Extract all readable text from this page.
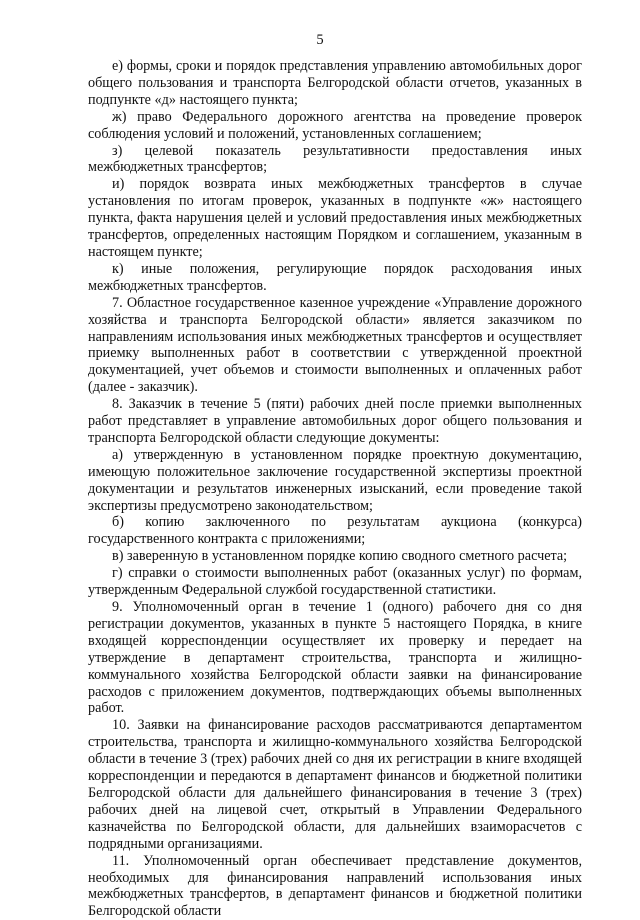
5

е) формы, сроки и порядок представления управлению автомобильных дорог общего пользования и транспорта Белгородской области отчетов, указанных в подпункте «д» настоящего пункта;

ж) право Федерального дорожного агентства на проведение проверок соблюдения условий и положений, установленных соглашением;

з) целевой показатель результативности предоставления иных межбюджетных трансфертов;

и) порядок возврата иных межбюджетных трансфертов в случае установления по итогам проверок, указанных в подпункте «ж» настоящего пункта, факта нарушения целей и условий предоставления иных межбюджетных трансфертов, определенных настоящим Порядком и соглашением, указанным в настоящем пункте;

к) иные положения, регулирующие порядок расходования иных межбюджетных трансфертов.

7. Областное государственное казенное учреждение «Управление дорожного хозяйства и транспорта Белгородской области» является заказчиком по направлениям использования иных межбюджетных трансфертов и осуществляет приемку выполненных работ в соответствии с утвержденной проектной документацией, учет объемов и стоимости выполненных и оплаченных работ (далее - заказчик).

8. Заказчик в течение 5 (пяти) рабочих дней после приемки выполненных работ представляет в управление автомобильных дорог общего пользования и транспорта Белгородской области следующие документы:

а) утвержденную в установленном порядке проектную документацию, имеющую положительное заключение государственной экспертизы проектной документации и результатов инженерных изысканий, если проведение такой экспертизы предусмотрено законодательством;

б) копию заключенного по результатам аукциона (конкурса) государственного контракта с приложениями;

в) заверенную в установленном порядке копию сводного сметного расчета;

г) справки о стоимости выполненных работ (оказанных услуг) по формам, утвержденным Федеральной службой государственной статистики.

9. Уполномоченный орган в течение 1 (одного) рабочего дня со дня регистрации документов, указанных в пункте 5 настоящего Порядка, в книге входящей корреспонденции осуществляет их проверку и передает на утверждение в департамент строительства, транспорта и жилищно-коммунального хозяйства Белгородской области заявки на финансирование расходов с приложением документов, подтверждающих объемы выполненных работ.

10. Заявки на финансирование расходов рассматриваются департаментом строительства, транспорта и жилищно-коммунального хозяйства Белгородской области в течение 3 (трех) рабочих дней со дня их регистрации в книге входящей корреспонденции и передаются в департамент финансов и бюджетной политики Белгородской области для дальнейшего финансирования в течение 3 (трех) рабочих дней на лицевой счет, открытый в Управлении Федерального казначейства по Белгородской области, для дальнейших взаиморасчетов с подрядными организациями.

11. Уполномоченный орган обеспечивает представление документов, необходимых для финансирования направлений использования иных межбюджетных трансфертов, в департамент финансов и бюджетной политики Белгородской области
